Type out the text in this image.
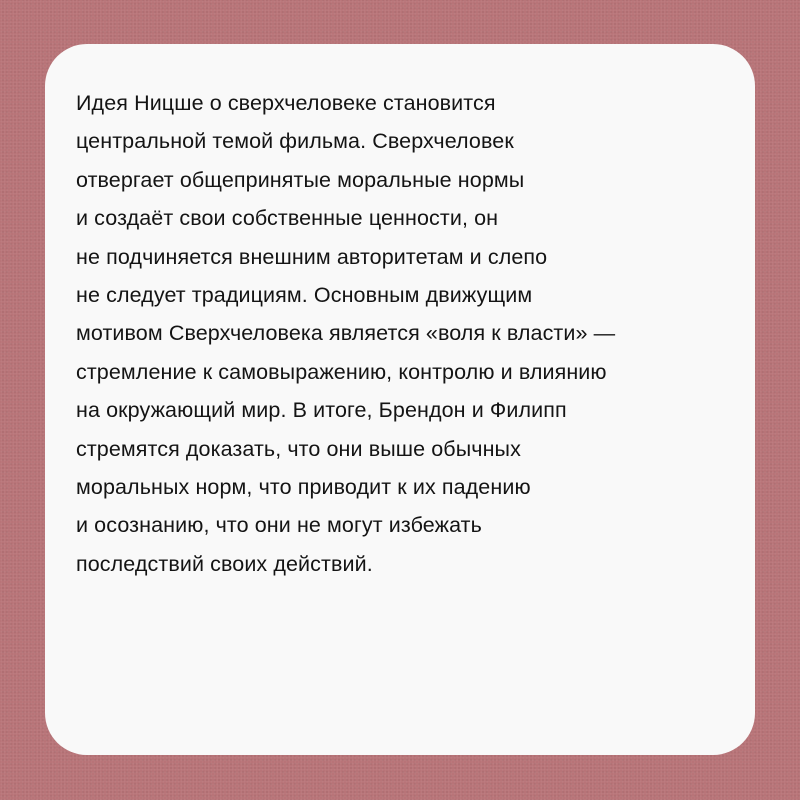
Идея Ницше о сверхчеловеке становится
центральной темой фильма. Сверхчеловек
отвергает общепринятые моральные нормы
и создаёт свои собственные ценности, он
не подчиняется внешним авторитетам и слепо
не следует традициям. Основным движущим
мотивом Сверхчеловека является «воля к власти» —
стремление к самовыражению, контролю и влиянию
на окружающий мир. В итоге, Брендон и Филипп
стремятся доказать, что они выше обычных
моральных норм, что приводит к их падению
и осознанию, что они не могут избежать
последствий своих действий.
